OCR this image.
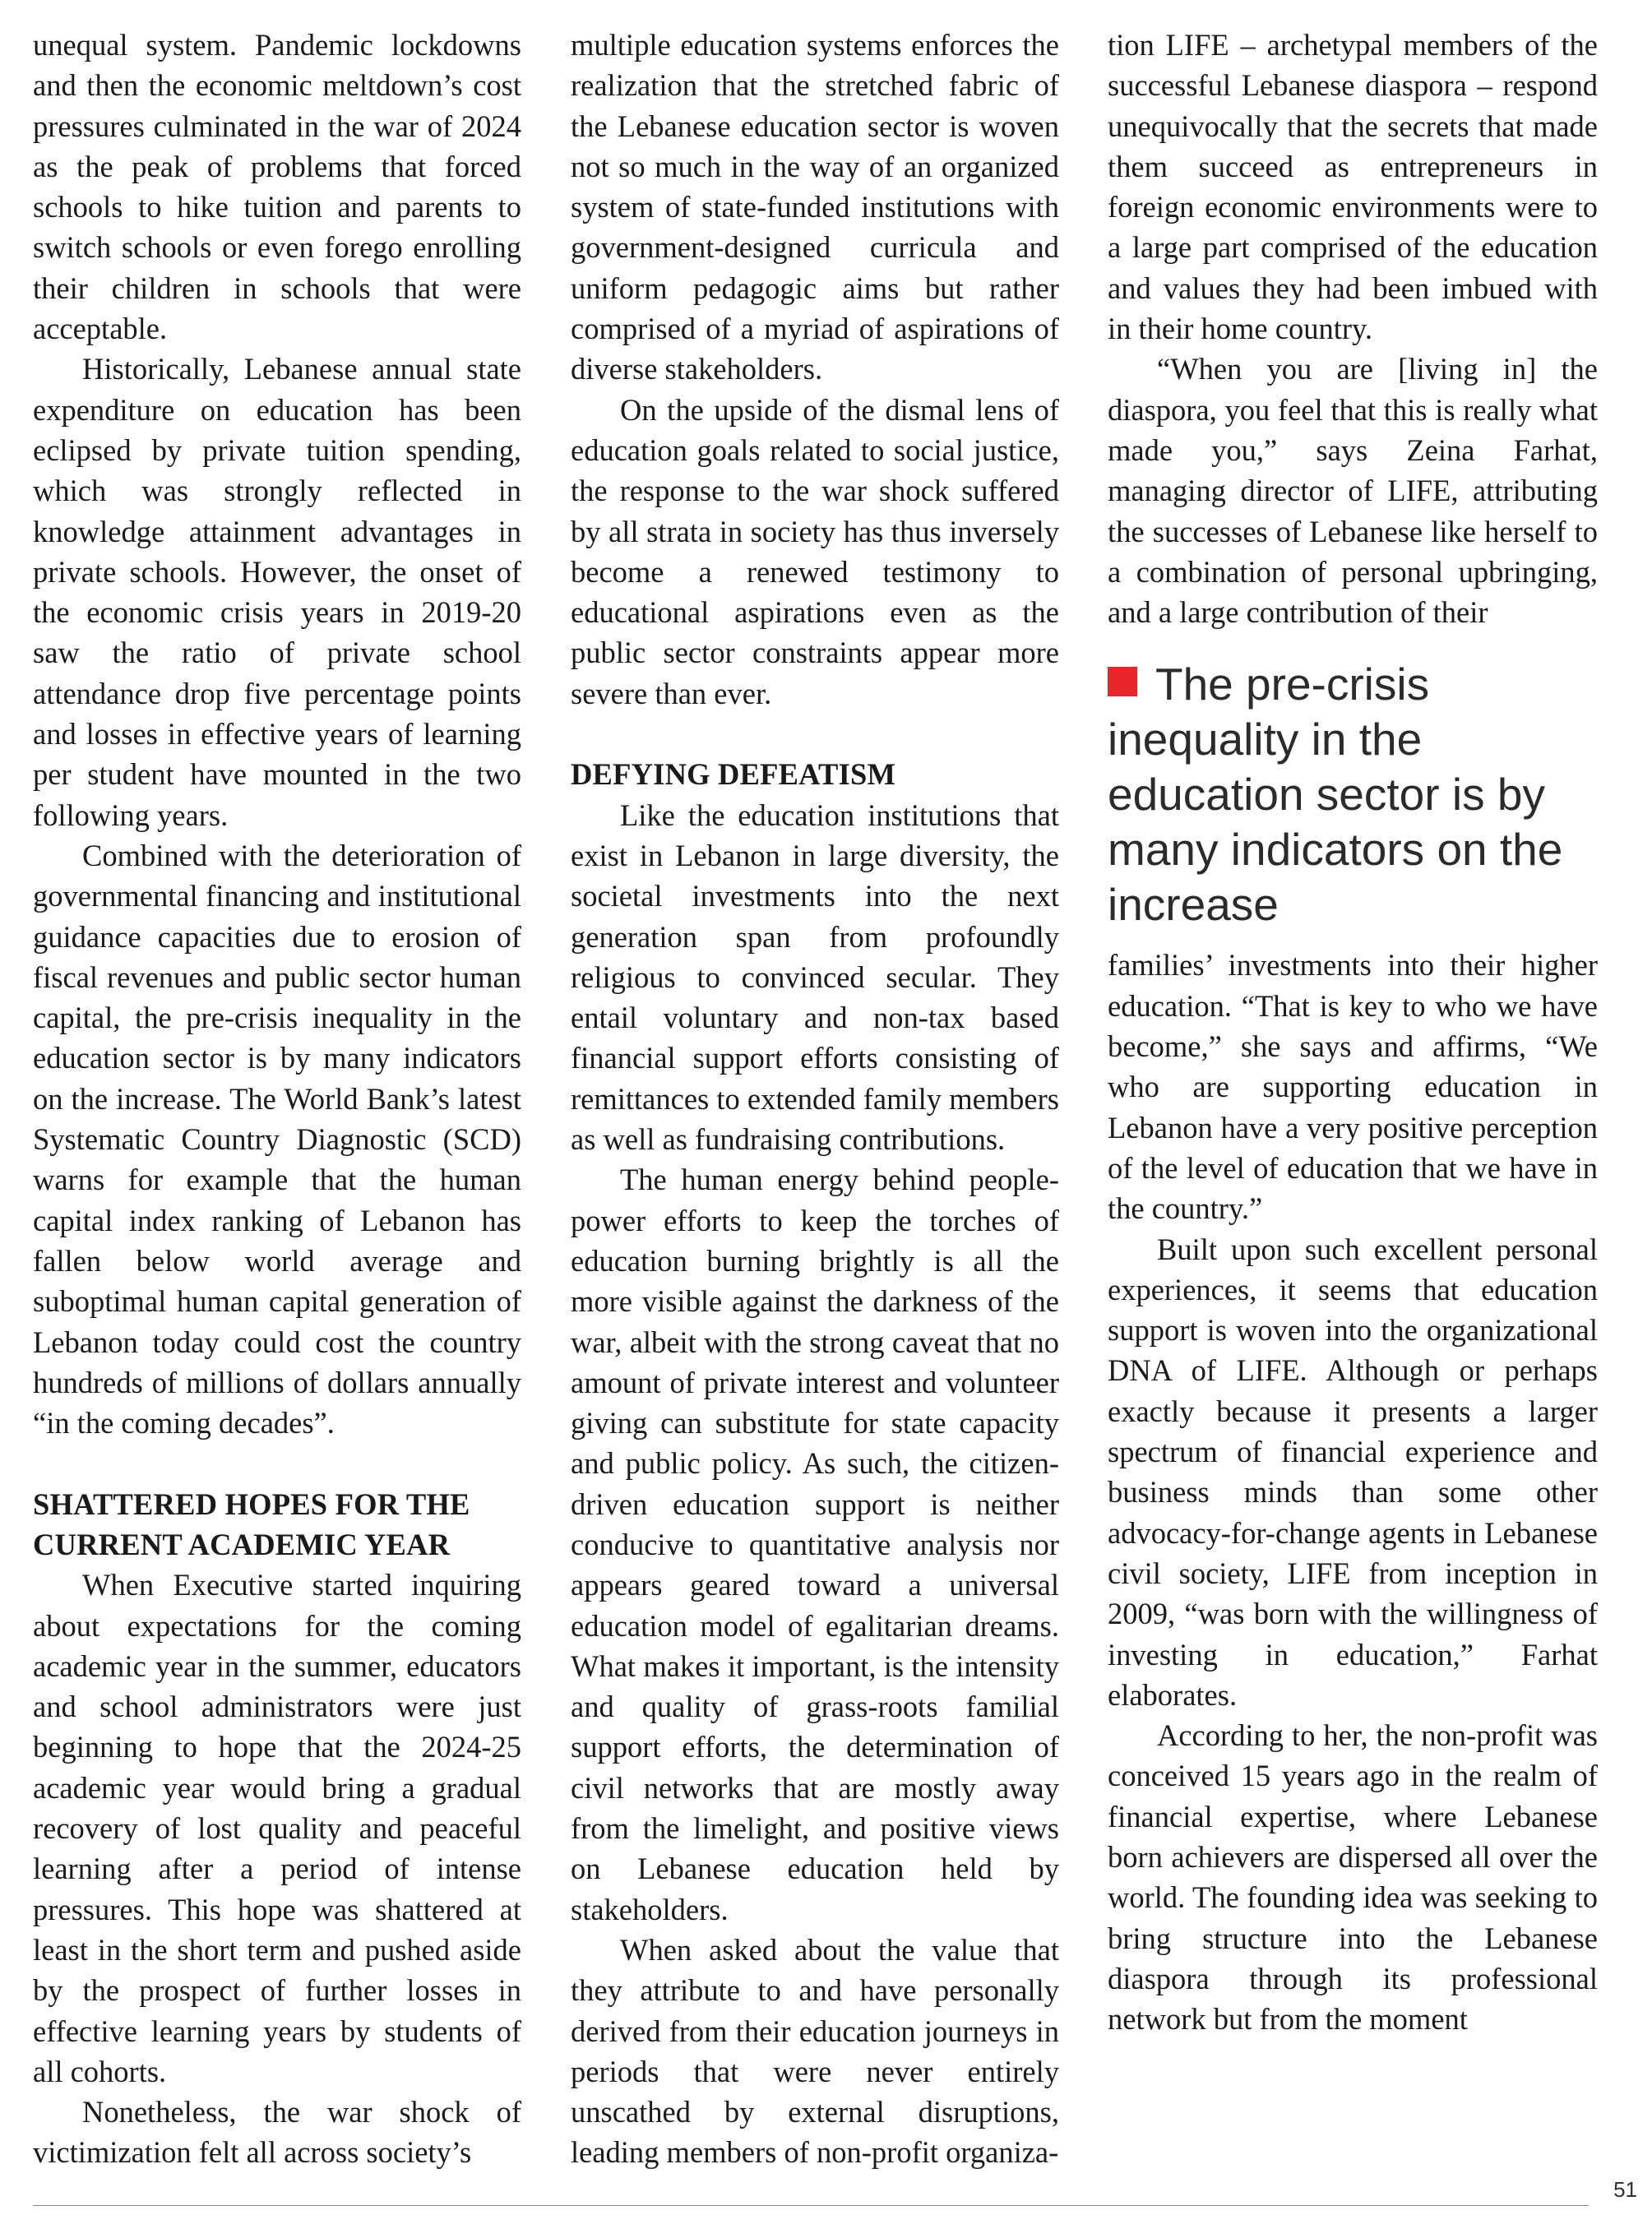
unequal system. Pandemic lockdowns and then the economic meltdown’s cost pressures culminated in the war of 2024 as the peak of problems that forced schools to hike tuition and parents to switch schools or even forego enrolling their children in schools that were acceptable.

Historically, Lebanese annual state expenditure on education has been eclipsed by private tuition spending, which was strongly reflected in knowledge attainment advantages in private schools. However, the onset of the economic crisis years in 2019-20 saw the ratio of private school attendance drop five percentage points and losses in effective years of learning per student have mounted in the two following years.

Combined with the deterioration of governmental financing and institutional guidance capacities due to erosion of fiscal revenues and public sector human capital, the pre-crisis inequality in the education sector is by many indicators on the increase. The World Bank’s latest Systematic Country Diagnostic (SCD) warns for example that the human capital index ranking of Lebanon has fallen below world average and suboptimal human capital generation of Lebanon today could cost the country hundreds of millions of dollars annually “in the coming decades”.

SHATTERED HOPES FOR THE CURRENT ACADEMIC YEAR

When Executive started inquiring about expectations for the coming academic year in the summer, educators and school administrators were just beginning to hope that the 2024-25 academic year would bring a gradual recovery of lost quality and peaceful learning after a period of intense pressures. This hope was shattered at least in the short term and pushed aside by the prospect of further losses in effective learning years by students of all cohorts.

Nonetheless, the war shock of victimization felt all across society’s

multiple education systems enforces the realization that the stretched fabric of the Lebanese education sector is woven not so much in the way of an organized system of state-funded institutions with government-designed curricula and uniform pedagogic aims but rather comprised of a myriad of aspirations of diverse stakeholders.

On the upside of the dismal lens of education goals related to social justice, the response to the war shock suffered by all strata in society has thus inversely become a renewed testimony to educational aspirations even as the public sector constraints appear more severe than ever.

DEFYING DEFEATISM

Like the education institutions that exist in Lebanon in large diversity, the societal investments into the next generation span from profoundly religious to convinced secular. They entail voluntary and non-tax based financial support efforts consisting of remittances to extended family members as well as fundraising contributions.

The human energy behind people-power efforts to keep the torches of education burning brightly is all the more visible against the darkness of the war, albeit with the strong caveat that no amount of private interest and volunteer giving can substitute for state capacity and public policy. As such, the citizen-driven education support is neither conducive to quantitative analysis nor appears geared toward a universal education model of egalitarian dreams. What makes it important, is the intensity and quality of grass-roots familial support efforts, the determination of civil networks that are mostly away from the limelight, and positive views on Lebanese education held by stakeholders.

When asked about the value that they attribute to and have personally derived from their education journeys in periods that were never entirely unscathed by external disruptions, leading members of non-profit organiza-

tion LIFE – archetypal members of the successful Lebanese diaspora – respond unequivocally that the secrets that made them succeed as entrepreneurs in foreign economic environments were to a large part comprised of the education and values they had been imbued with in their home country.

“When you are [living in] the diaspora, you feel that this is really what made you,” says Zeina Farhat, managing director of LIFE, attributing the successes of Lebanese like herself to a combination of personal upbringing, and a large contribution of their

The pre-crisis inequality in the education sector is by many indicators on the increase

families’ investments into their higher education. “That is key to who we have become,” she says and affirms, “We who are supporting education in Lebanon have a very positive perception of the level of education that we have in the country.”

Built upon such excellent personal experiences, it seems that education support is woven into the organizational DNA of LIFE. Although or perhaps exactly because it presents a larger spectrum of financial experience and business minds than some other advocacy-for-change agents in Lebanese civil society, LIFE from inception in 2009, “was born with the willingness of investing in education,” Farhat elaborates.

According to her, the non-profit was conceived 15 years ago in the realm of financial expertise, where Lebanese born achievers are dispersed all over the world. The founding idea was seeking to bring structure into the Lebanese diaspora through its professional network but from the moment

51
